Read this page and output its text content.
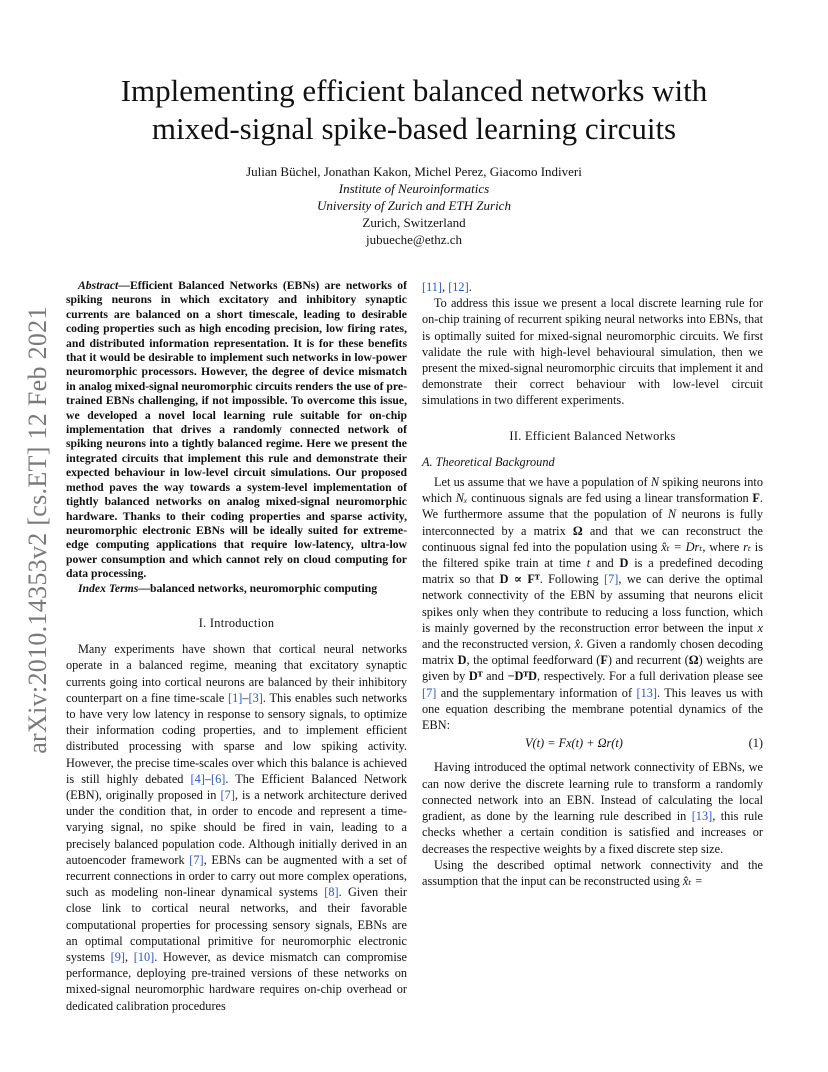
arXiv:2010.14353v2 [cs.ET] 12 Feb 2021
Implementing efficient balanced networks with
mixed-signal spike-based learning circuits
Julian Büchel, Jonathan Kakon, Michel Perez, Giacomo Indiveri
Institute of Neuroinformatics
University of Zurich and ETH Zurich
Zurich, Switzerland
jubueche@ethz.ch

Abstract—Efficient Balanced Networks (EBNs) are networks of spiking neurons in which excitatory and inhibitory synaptic currents are balanced on a short timescale, leading to desirable coding properties such as high encoding precision, low firing rates, and distributed information representation. It is for these benefits that it would be desirable to implement such networks in low-power neuromorphic processors. However, the degree of device mismatch in analog mixed-signal neuromorphic circuits renders the use of pre-trained EBNs challenging, if not impossible. To overcome this issue, we developed a novel local learning rule suitable for on-chip implementation that drives a randomly connected network of spiking neurons into a tightly balanced regime. Here we present the integrated circuits that implement this rule and demonstrate their expected behaviour in low-level circuit simulations. Our proposed method paves the way towards a system-level implementation of tightly balanced networks on analog mixed-signal neuromorphic hardware. Thanks to their coding properties and sparse activity, neuromorphic electronic EBNs will be ideally suited for extreme-edge computing applications that require low-latency, ultra-low power consumption and which cannot rely on cloud computing for data processing.

Index Terms—balanced networks, neuromorphic computing

I. Introduction

Many experiments have shown that cortical neural networks operate in a balanced regime, meaning that excitatory synaptic currents going into cortical neurons are balanced by their inhibitory counterpart on a fine time-scale [1]–[3]. This enables such networks to have very low latency in response to sensory signals, to optimize their information coding properties, and to implement efficient distributed processing with sparse and low spiking activity. However, the precise time-scales over which this balance is achieved is still highly debated [4]–[6]. The Efficient Balanced Network (EBN), originally proposed in [7], is a network architecture derived under the condition that, in order to encode and represent a time-varying signal, no spike should be fired in vain, leading to a precisely balanced population code. Although initially derived in an autoencoder framework [7], EBNs can be augmented with a set of recurrent connections in order to carry out more complex operations, such as modeling non-linear dynamical systems [8]. Given their close link to cortical neural networks, and their favorable computational properties for processing sensory signals, EBNs are an optimal computational primitive for neuromorphic electronic systems [9], [10]. However, as device mismatch can compromise performance, deploying pre-trained versions of these networks on mixed-signal neuromorphic hardware requires on-chip overhead or dedicated calibration procedures

[11], [12].

To address this issue we present a local discrete learning rule for on-chip training of recurrent spiking neural networks into EBNs, that is optimally suited for mixed-signal neuromorphic circuits. We first validate the rule with high-level behavioural simulation, then we present the mixed-signal neuromorphic circuits that implement it and demonstrate their correct behaviour with low-level circuit simulations in two different experiments.

II. Efficient Balanced Networks
A. Theoretical Background

Let us assume that we have a population of N spiking neurons into which Nₓ continuous signals are fed using a linear transformation F. We furthermore assume that the population of N neurons is fully interconnected by a matrix Ω and that we can reconstruct the continuous signal fed into the population using x̂ₜ = Drₜ, where rₜ is the filtered spike train at time t and D is a predefined decoding matrix so that D ∝ Fᵀ. Following [7], we can derive the optimal network connectivity of the EBN by assuming that neurons elicit spikes only when they contribute to reducing a loss function, which is mainly governed by the reconstruction error between the input x and the reconstructed version, x̂. Given a randomly chosen decoding matrix D, the optimal feedforward (F) and recurrent (Ω) weights are given by Dᵀ and −DᵀD, respectively. For a full derivation please see [7] and the supplementary information of [13]. This leaves us with one equation describing the membrane potential dynamics of the EBN:

V(t) = Fx(t) + Ωr(t)	(1)

Having introduced the optimal network connectivity of EBNs, we can now derive the discrete learning rule to transform a randomly connected network into an EBN. Instead of calculating the local gradient, as done by the learning rule described in [13], this rule checks whether a certain condition is satisfied and increases or decreases the respective weights by a fixed discrete step size.

Using the described optimal network connectivity and the assumption that the input can be reconstructed using x̂ₜ =
